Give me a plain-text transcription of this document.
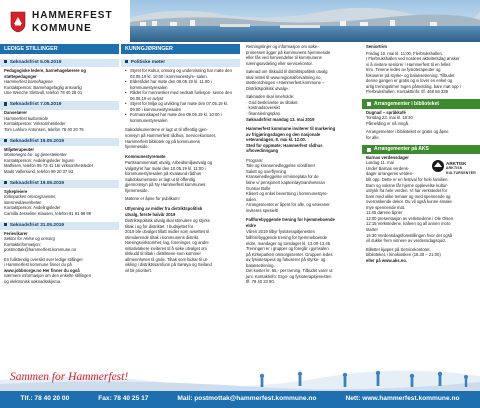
HAMMERFEST
KOMMUNE
LEDIGE STILLINGER
Søknadsfrist 5.05.2019
Pedagogiske ledere, barnehagelærere og
støttepedagoger
Hammerfest barnehagene
Kontaktperson: Barnehagefaglig ansvarlig
Une Wenche Slettvoll, telefon 78 40 28 01
Søknadsfrist 7.05.2019
Danselærer
Hammerfest kulturskole
Kontaktperson: Virksomhetsleder
Tom Lahlum Antonsen, telefon 78 40 20 76
Søknadsfrist 19.05.2019
Miljøterapeuter
Montenegro bo- og tjenestekenter
Kontaktperson: Avdelingsleder Ingunn
Mathisen, telefon 95 73 41 16/ virksomhetsleder
Mads Vallersund, telefon 99 20 37 93
Søknadsfrist 19.05.2019
Sykepleiere
Kirkeparken omsorgssenter,
intermediærenheten
Kontaktperson: Avdelingsleder
Camilla Jesseline Klausen, telefon 91 61 96 99
Søknadsfrist 31.05.2019
Ferievikarer
Sektor for Helse og omsorg
Kontaktinformasjon:
postmottak@hammerfest.kommune.no
En fullstendig oversikt over ledige stillinger
i Hammerfest kommune finner du på
www.jobbnorge.no Her finner du også
nærmere informasjon om den enkelte stillingen
og elektronisk søknadsskjema.
KUNNGJØRINGER
Politiske møter
• Styret for Kultur, omsorg og undervisning har møte den 03.05.19 kl. 10:00 i kommunestyre- salen.
• Eldrerådet har møte den 06.05.19 kl. 11.00 i kommunestyresalen
• Rådet for mennesker med nedsatt funksjon- sevne den 06.05.19 er avlyst
• Styret for Miljø og utvikling har møte den 07.05.19 kl. 09:00 i kommunestyresalen
• Formannskapet har møte den 09.05.19 kl. 10:00 i kommunestyresalen.
Sakodokumentene er lagt ut til offentlig gjen-
nomsyn på Hammerfest rådhus, Servicekontoret,
Hammerfest bibliotek og på kommunens
hjemmeside.
Kommunestyremøte
Partssammensatt utvalg, Arbeidsmiljøutvalg og
Valgstyret har møte den 10.05.19 kl. 11:00 i
kommunestyresalen på Kvaløund rådhus
Sakdokumentene er lagt ut til offentlig
gjennomsyn på Ny Hammerfest kommunes
hjemmeside.
Møtene er åpne for publikum!
Utlysning av midler fra distriktspolitisk
utvalg, første halvår 2019
Distriktspolitisk utvalg skal stimulere og styrke
tiltak i og for distriktet. I budsjettet for
2019 ble utvalget tillatt midler som avsettes til
stimulerende tiltak i kommunens distrikt.
Næringsvirksomhet, lag, foreninger, og andre
initiativtakere inviteres til å søke utvalget om
tilskudd til tiltak i distriktene som kommer
allmennheten til gode. Tiltak som bidrar til ut-
vikling i distriktssamfunn på Sørøya og Seiland
vil bli prioritert.
Retningslinjer og informasjon om søke-
prosessen ligger på kommunens hjemmeside
eller fås ved henvendelse til kommunens
næringsavdeling eller servicekontor.
Søknad om tilskudd til distriktspolitisk utvalg
skal rettes til www.regionalforvaltning.no,
støtteordningen «Hammerfest kommune –
Distriktspolitisk utvalg».
Søknaden skal inneholde:
· God beskrivelse av tiltaket.
· kostnadsoversikt
· finansieringsplan
Søknadsfrist mandag 13. mai 2019
Hammerfest kommune inviterer til markering
av frigjøringsdagen og den nasjonale
veterandagen, 8. mai kl. 12.00.
Sted for oppmøte: Hammerfest rådhus
v/hovedinngang
Program:
Tale og kransenedleggelse v/ordfører
Salutt og overflyvning
Kransenedleggelse v/minneplata for de
falne v/ pensjonert kapteinløytnant/veteran
Gunnar Bolle
Kåsert og enkel bevertning i kommunestyre-
salen.
Arrangementet er åpent for alle, og veteraner
inviteres spesielt!
Fallforebyggende trening for hjemmeboende
eldre
Våren 2019 tilbyr fysioterapitjenesten
fallforebyggende trening for hjemmeboende
eldre, mandager og torsdager kl. 13.00-13.45.
Treningen er i grupper og foregår i gymsalen
på Kirkeparken omsorgssenter. Gruppen ledes
av fysioterapeut og fokuserer på styrke- og
balansetrening.
Det koster kr. 55,- per trening. Tilbudet varer ut
juni. Kontaktinfo: Ergo- og fysioterapitjenesten
tlf. 78 40 23 80.
Seniortrim
Fredag 10. mai kl. 11:00, Flerbrukshallen.
I Flerbrukshallen ved nordens aktivitetsdag ønsker
vi å invitere seniorer i Hammerfest til en felles
trim. Timene ledes av fysioterapeuter og
fokuserer på styrke- og balansetrening. Tilbudet
denne gangen er gratis og vi lover en enkel og
artig treningstime! Ingen påmelding, bare møt opp i
Flerbrukshallen. Kontakttinfo: tlf. 468 56 339
Arrangementer i biblioteket
Dugnad – språkkafé
Torsdag 23. mai kl. 18:30
Påmelding er nå inngå.
Arrangementer i biblioteket er gratis og åpne
for alle.
Arrangementer på AKS
Barnas verdensdager
Lørdag 11. mai
Under Barnas verdens-
dager arrangeres verden-
ARKTISK
ARKTISK KULTURSENTER
blit opp. Dette er en festival for hele familien.
Barn og voksne får hjerne opplevelse kultur-
uttrykk fra hele verden. Vi har verkstedet for
barn med ulike temaer og med spennende og
overraskende dekor. Du vil også kunne smake
mye spennende mat.
11:45 dørene åpner
12:00 presentasjon av verkstedene i Ole Olsen
12:15 Verkstedene, kafeen og all annen moro
starter
15:30 Verdensdagsforestillingen hvor det også
vil dukke frem vinnere av verdensdagsquiz.
Billetter kjøpes på Servicekontoret,
biblioteket, i kinokiosken (16.30 – 21:00)
eller på www.aks.no.
Sammen for Hammerfest!
Tlf.: 78 40 20 00	Fax: 78 40 25 17	Mail: postmottak@hammerfest.kommune.no	Nett: www.hammerfest.kommune.no
